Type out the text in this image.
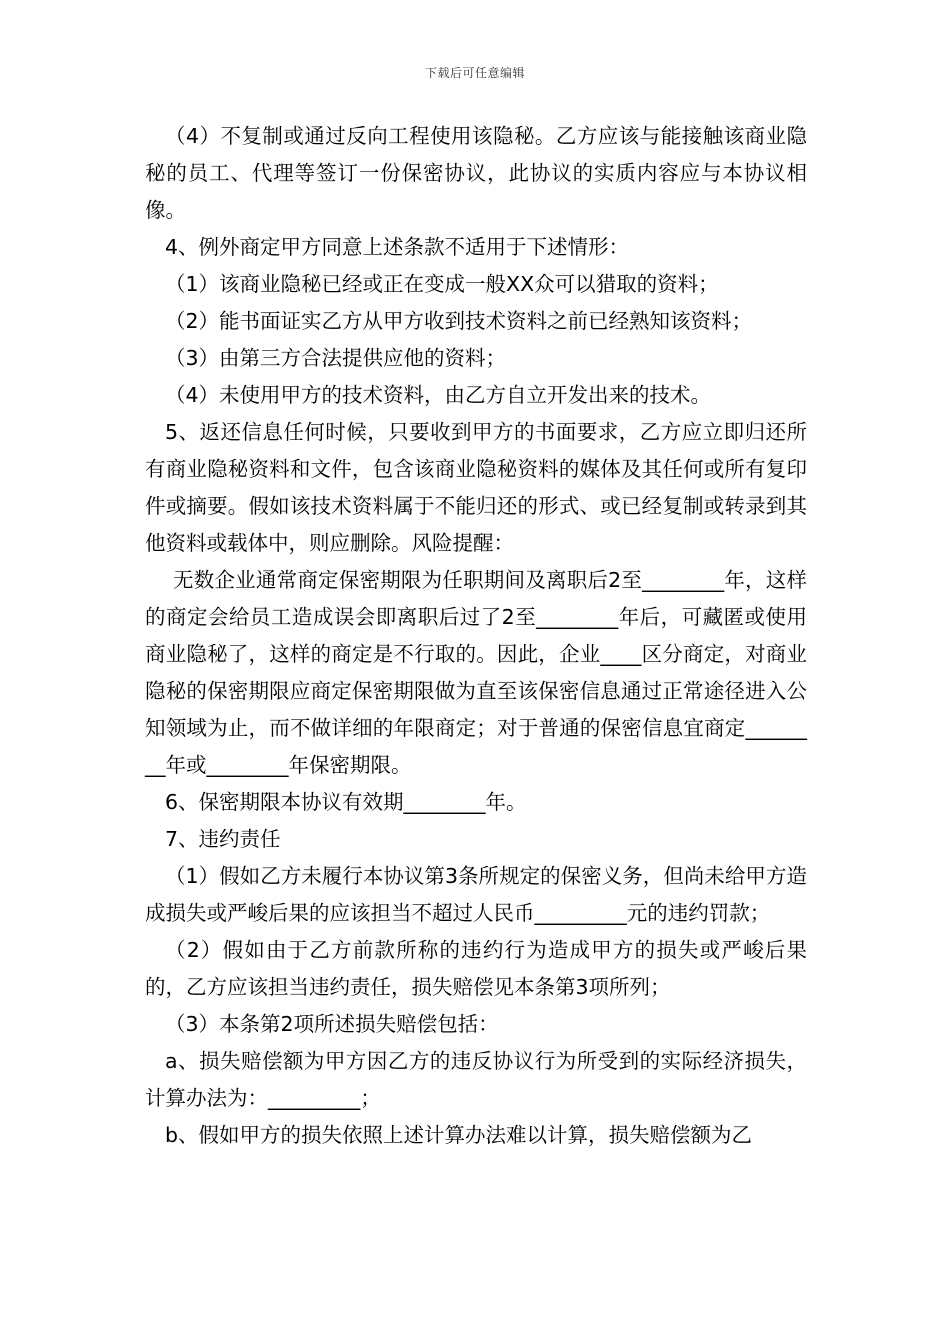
下载后可任意编辑

（4）不复制或通过反向工程使用该隐秘。乙方应该与能接触该商业隐秘的员工、代理等签订一份保密协议，此协议的实质内容应与本协议相像。

4、例外商定甲方同意上述条款不适用于下述情形：

（1）该商业隐秘已经或正在变成一般XX众可以猎取的资料；

（2）能书面证实乙方从甲方收到技术资料之前已经熟知该资料；

（3）由第三方合法提供应他的资料；

（4）未使用甲方的技术资料，由乙方自立开发出来的技术。

5、返还信息任何时候，只要收到甲方的书面要求，乙方应立即归还所有商业隐秘资料和文件，包含该商业隐秘资料的媒体及其任何或所有复印件或摘要。假如该技术资料属于不能归还的形式、或已经复制或转录到其他资料或载体中，则应删除。风险提醒：

无数企业通常商定保密期限为任职期间及离职后2至________年，这样的商定会给员工造成误会即离职后过了2至________年后，可藏匿或使用商业隐秘了，这样的商定是不行取的。因此，企业____区分商定，对商业隐秘的保密期限应商定保密期限做为直至该保密信息通过正常途径进入公知领域为止，而不做详细的年限商定；对于普通的保密信息宜商定________年或________年保密期限。

6、保密期限本协议有效期________年。

7、违约责任

（1）假如乙方未履行本协议第3条所规定的保密义务，但尚未给甲方造成损失或严峻后果的应该担当不超过人民币_________元的违约罚款；

（2）假如由于乙方前款所称的违约行为造成甲方的损失或严峻后果的，乙方应该担当违约责任，损失赔偿见本条第3项所列；

（3）本条第2项所述损失赔偿包括：

a、损失赔偿额为甲方因乙方的违反协议行为所受到的实际经济损失，计算办法为：_________；

b、假如甲方的损失依照上述计算办法难以计算，损失赔偿额为乙
